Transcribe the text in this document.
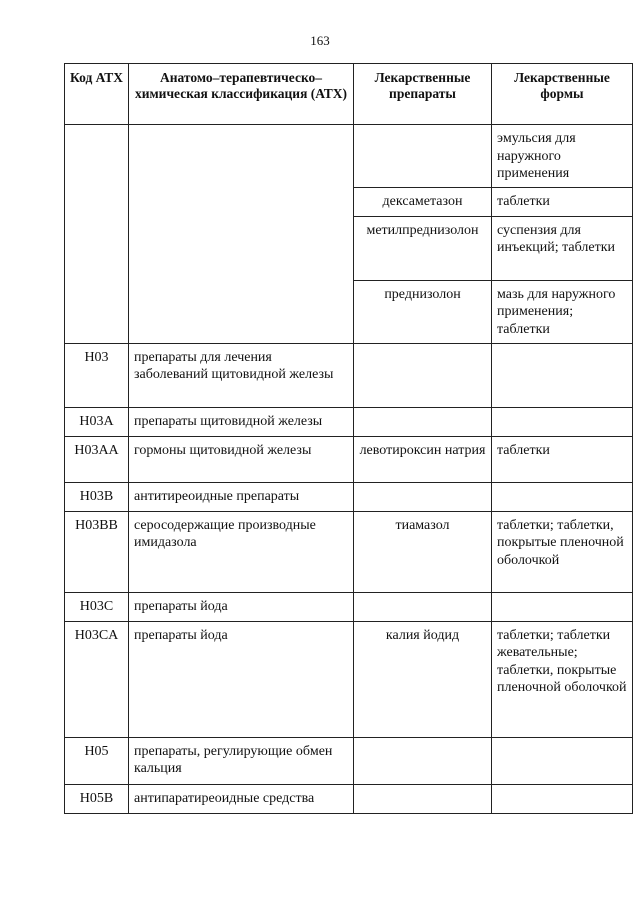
163
Код АТХ	Анатомо–терапевтическо–химическая классификация (АТХ)	Лекарственные препараты	Лекарственные формы
			эмульсия для наружного применения
		дексаметазон	таблетки
		метилпреднизолон	суспензия для инъекций; таблетки
		преднизолон	мазь для наружного применения; таблетки
H03	препараты для лечения заболеваний щитовидной железы		
H03A	препараты щитовидной железы		
H03AA	гормоны щитовидной железы	левотироксин натрия	таблетки
H03B	антитиреоидные препараты		
H03BB	серосодержащие производные имидазола	тиамазол	таблетки; таблетки, покрытые пленочной оболочкой
H03C	препараты йода		
H03CA	препараты йода	калия йодид	таблетки; таблетки жевательные; таблетки, покрытые пленочной оболочкой
H05	препараты, регулирующие обмен кальция		
H05B	антипаратиреоидные средства		
